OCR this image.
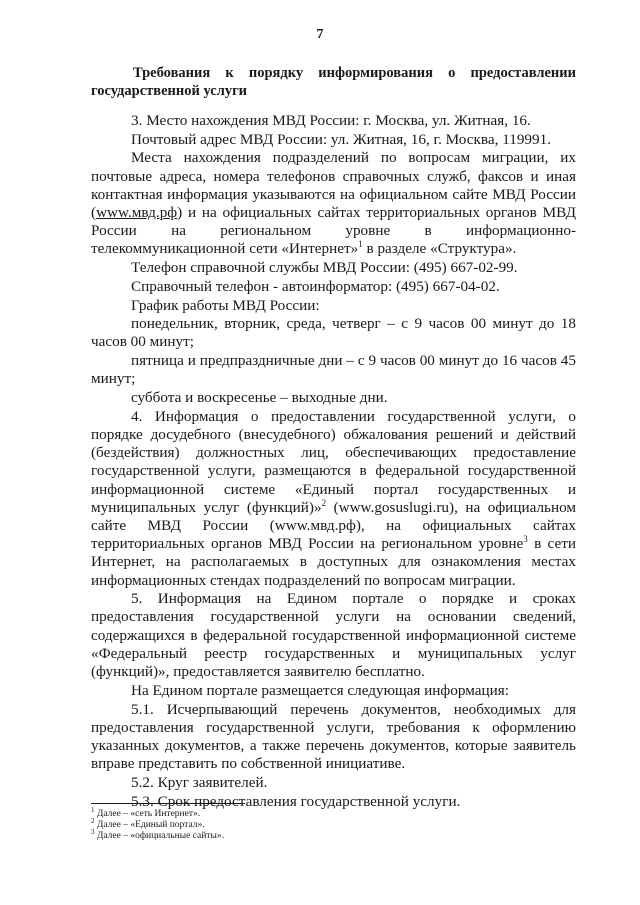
7
Требования к порядку информирования о предоставлении государственной услуги

3. Место нахождения МВД России: г. Москва, ул. Житная, 16.

Почтовый адрес МВД России: ул. Житная, 16, г. Москва, 119991.

Места нахождения подразделений по вопросам миграции, их почтовые адреса, номера телефонов справочных служб, факсов и иная контактная информация указываются на официальном сайте МВД России (www.мвд.рф) и на официальных сайтах территориальных органов МВД России на региональном уровне в информационно-телекоммуникационной сети «Интернет»$^1$ в разделе «Структура».

Телефон справочной службы МВД России: (495) 667-02-99.

Справочный телефон - автоинформатор: (495) 667-04-02.

График работы МВД России:

понедельник, вторник, среда, четверг – с 9 часов 00 минут до 18 часов 00 минут;

пятница и предпраздничные дни – с 9 часов 00 минут до 16 часов 45 минут;

суббота и воскресенье – выходные дни.

4. Информация о предоставлении государственной услуги, о порядке досудебного (внесудебного) обжалования решений и действий (бездействия) должностных лиц, обеспечивающих предоставление государственной услуги, размещаются в федеральной государственной информационной системе «Единый портал государственных и муниципальных услуг (функций)»$^2$ (www.gosuslugi.ru), на официальном сайте МВД России (www.мвд.рф), на официальных сайтах территориальных органов МВД России на региональном уровне$^3$ в сети Интернет, на располагаемых в доступных для ознакомления местах информационных стендах подразделений по вопросам миграции.

5. Информация на Едином портале о порядке и сроках предоставления государственной услуги на основании сведений, содержащихся в федеральной государственной информационной системе «Федеральный реестр государственных и муниципальных услуг (функций)», предоставляется заявителю бесплатно.

На Едином портале размещается следующая информация:

5.1. Исчерпывающий перечень документов, необходимых для предоставления государственной услуги, требования к оформлению указанных документов, а также перечень документов, которые заявитель вправе представить по собственной инициативе.

5.2. Круг заявителей.

5.3. Срок предоставления государственной услуги.

$^1$ Далее – «сеть Интернет».
$^2$ Далее – «Единый портал».
$^3$ Далее – «официальные сайты».
